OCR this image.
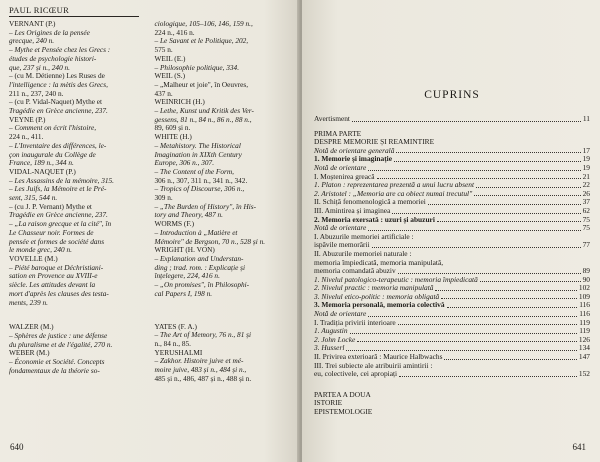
PAUL RICŒUR

VERNANT (P.)

– Les Origines de la pensée

grecque, 240 n.

– Mythe et Pensée chez les Grecs :

études de psychologie histori-

que, 237 și n., 240 n.

– (cu M. Détienne) Les Ruses de

l'intelligence : la mètis des Grecs,

211 n., 237, 240 n.

– (cu P. Vidal-Naquet) Mythe et

Tragédie en Grèce ancienne, 237.

VEYNE (P.)

– Comment on écrit l'histoire,

224 n., 411.

– L'Inventaire des différences, le-

çon inaugurale du Collège de

France, 189 n., 344 n.

VIDAL-NAQUET (P.)

– Les Assassins de la mémoire, 315.

– Les Juifs, la Mémoire et le Pré-

sent, 315, 544 n.

– (cu J. P. Vernant) Mythe et

Tragédie en Grèce ancienne, 237.

– „La raison grecque et la cité", în

Le Chasseur noir. Formes de

pensée et formes de société dans

le monde grec, 240 n.

VOVELLE (M.)

– Piété baroque et Déchristiani-

sation en Provence au XVIII-e

siècle. Les attitudes devant la

mort d'après les clauses des testa-

ments, 239 n.

WALZER (M.)

– Sphères de justice : une défense

du pluralisme et de l'égalité, 270 n.

WEBER (M.)

– Économie et Société. Concepts

fondamentaux de la théorie so-

ciologique, 105–106, 146, 159 n.,

224 n., 416 n.

– Le Savant et le Politique, 202,

575 n.

WEIL (E.)

– Philosophie politique, 334.

WEIL (S.)

– „Malheur et joie", în Oeuvres,

437 n.

WEINRICH (H.)

– Lethe, Kunst und Kritik des Ver-

gessens, 81 n., 84 n., 86 n., 88 n.,

89, 609 și n.

WHITE (H.)

– Metahistory. The Historical

Imagination in XIXth Century

Europe, 306 n., 307.

– The Content of the Form,

306 n., 307, 311 n., 341 n., 342.

– Tropics of Discourse, 306 n.,

309 n.

– „The Burden of History", în His-

tory and Theory, 487 n.

WORMS (F.)

– Introduction à „Matière et

Mémoire" de Bergson, 70 n., 528 și n.

WRIGHT (H. VON)

– Explanation and Understan-

ding ; trad. rom. : Explicație și

înțelegere, 224, 416 n.

– „On promises", în Philosophi-

cal Papers I, 198 n.

YATES (F. A.)

– The Art of Memory, 76 n., 81 și

n., 84 n., 85.

YERUSHALMI

– Zakhor. Histoire juive et mé-

moire juive, 483 și n., 484 și n.,

485 și n., 486, 487 și n., 488 și n.

640
CUPRINS
Avertisment	11
PRIMA PARTE
DESPRE MEMORIE ȘI REAMINTIRE
Notă de orientare generală	17
1. Memorie și imaginație	19
Notă de orientare	19
I. Moștenirea greacă	21
1. Platon : reprezentarea prezentă a unui lucru absent	22
2. Aristotel : „Memoria are ca obiect numai trecutul"	26
II. Schiță fenomenologică a memoriei	37
III. Amintirea și imaginea	62
2. Memoria exersată : uzuri și abuzuri	75
Notă de orientare	75
I. Abuzurile memoriei artificiale :
ispăvile memorării	77
II. Abuzurile memoriei naturale :
memoria împiedicată, memoria manipulată,
memoria comandată abuziv	89
1. Nivelul patologico-terapeutic : memoria împiedicată	90
2. Nivelul practic : memoria manipulată	102
3. Nivelul etico-politic : memoria obligată	109
3. Memoria personală, memoria colectivă	116
Notă de orientare	116
I. Tradiția privirii interioare	119
1. Augustin	119
2. John Locke	126
3. Husserl	134
II. Privirea exterioară : Maurice Halbwachs	147
III. Trei subiecte ale atribuirii amintirii :
eu, colectivele, cei apropiați	152
PARTEA A DOUA
ISTORIE
EPISTEMOLOGIE
641
